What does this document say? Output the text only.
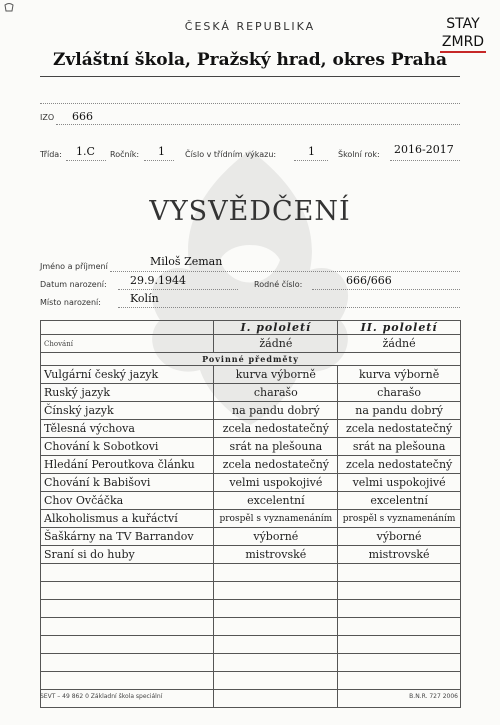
STAY
ZMRD
ČESKÁ REPUBLIKA
Zvláštní škola, Pražský hrad, okres Praha
IZO 666
Třída: 1.C Ročník: 1	Číslo v třídním výkazu:	1	Školní rok: 2016-2017
VYSVĚDČENÍ
Jméno a příjmení	Miloš Zeman
Datum narození: 29.9.1944	Rodné číslo:	666/666
Místo narození:	Kolín
	I. pololetí	II. pololetí
Chování	žádné	žádné
Povinné předměty		
Vulgární český jazyk	kurva výborně	kurva výborně
Ruský jazyk	charašo	charašo
Čínský jazyk	na pandu dobrý	na pandu dobrý
Tělesná výchova	zcela nedostatečný	zcela nedostatečný
Chování k Sobotkovi	srát na plešouna	srát na plešouna
Hledání Peroutkova článku	zcela nedostatečný	zcela nedostatečný
Chování k Babišovi	velmi uspokojivé	velmi uspokojivé
Chov Ovčáčka	excelentní	excelentní
Alkoholismus a kuřáctví	prospěl s vyznamenáním	prospěl s vyznamenáním
Šaškárny na TV Barrandov	výborné	výborné
Sraní si do huby	mistrovské	mistrovské

SEVT – 49 862 0 Základní škola speciální	B.N.R. 727 2006
